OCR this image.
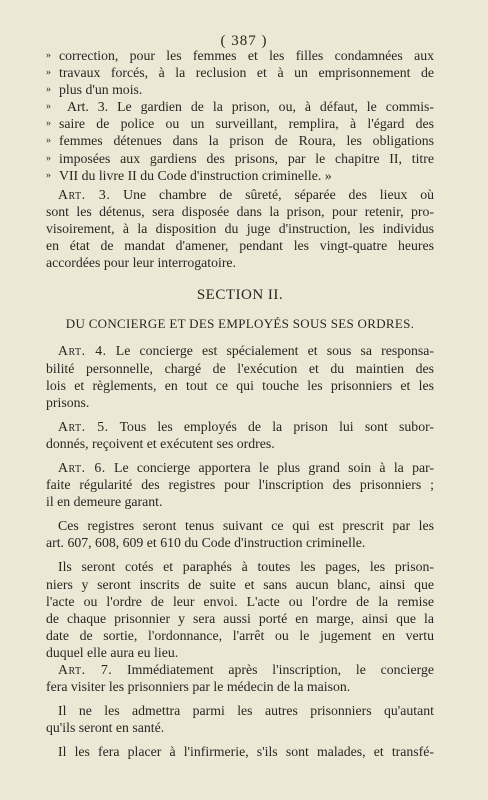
( 387 )
» correction, pour les femmes et les filles condamnées aux
» travaux forcés, à la reclusion et à un emprisonnement de
» plus d'un mois.
» Art. 3. Le gardien de la prison, ou, à défaut, le commis-
» saire de police ou un surveillant, remplira, à l'égard des
» femmes détenues dans la prison de Roura, les obligations
» imposées aux gardiens des prisons, par le chapitre II, titre
» VII du livre II du Code d'instruction criminelle. »
Art. 3. Une chambre de sûreté, séparée des lieux où
sont les détenus, sera disposée dans la prison, pour retenir, pro-
visoirement, à la disposition du juge d'instruction, les individus
en état de mandat d'amener, pendant les vingt-quatre heures
accordées pour leur interrogatoire.
SECTION II.
DU CONCIERGE ET DES EMPLOYÉS SOUS SES ORDRES.
Art. 4. Le concierge est spécialement et sous sa responsa-
bilité personnelle, chargé de l'exécution et du maintien des
lois et règlements, en tout ce qui touche les prisonniers et les
prisons.
Art. 5. Tous les employés de la prison lui sont subor-
donnés, reçoivent et exécutent ses ordres.
Art. 6. Le concierge apportera le plus grand soin à la par-
faite régularité des registres pour l'inscription des prisonniers ;
il en demeure garant.
Ces registres seront tenus suivant ce qui est prescrit par les
art. 607, 608, 609 et 610 du Code d'instruction criminelle.
Ils seront cotés et paraphés à toutes les pages, les prison-
niers y seront inscrits de suite et sans aucun blanc, ainsi que
l'acte ou l'ordre de leur envoi. L'acte ou l'ordre de la remise
de chaque prisonnier y sera aussi porté en marge, ainsi que la
date de sortie, l'ordonnance, l'arrêt ou le jugement en vertu
duquel elle aura eu lieu.
Art. 7. Immédiatement après l'inscription, le concierge
fera visiter les prisonniers par le médecin de la maison.
Il ne les admettra parmi les autres prisonniers qu'autant
qu'ils seront en santé.
Il les fera placer à l'infirmerie, s'ils sont malades, et transfé-
